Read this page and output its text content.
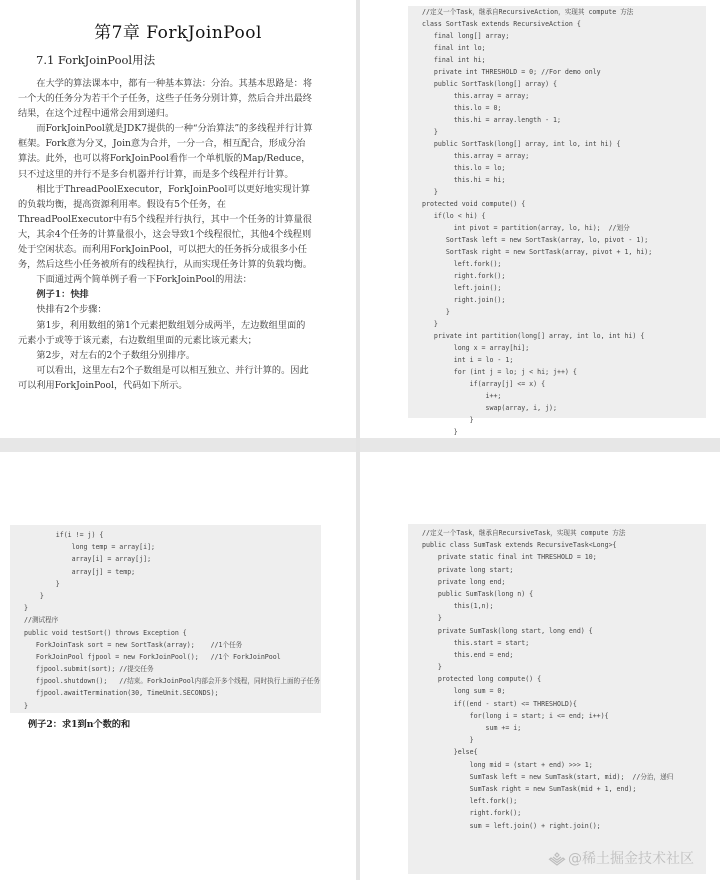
第7章 ForkJoinPool
7.1 ForkJoinPool用法

在大学的算法课本中，都有一种基本算法：分治。其基本思路是：将一个大的任务分为若干个子任务，这些子任务分别计算，然后合并出最终结果，在这个过程中通常会用到递归。

而ForkJoinPool就是JDK7提供的一种“分治算法”的多线程并行计算框架。Fork意为分叉，Join意为合并，一分一合，相互配合，形成分治算法。此外，也可以将ForkJoinPool看作一个单机版的Map/Reduce，只不过这里的并行不是多台机器并行计算，而是多个线程并行计算。

相比于ThreadPoolExecutor，ForkJoinPool可以更好地实现计算的负载均衡，提高资源利用率。假设有5个任务，在ThreadPoolExecutor中有5个线程并行执行，其中一个任务的计算量很大，其余4个任务的计算量很小，这会导致1个线程很忙，其他4个线程则处于空闲状态。而利用ForkJoinPool，可以把大的任务拆分成很多小任务，然后这些小任务被所有的线程执行，从而实现任务计算的负载均衡。

下面通过两个简单例子看一下ForkJoinPool的用法：

例子1：快排

快排有2个步骤：

第1步，利用数组的第1个元素把数组划分成两半，左边数组里面的元素小于或等于该元素，右边数组里面的元素比该元素大；

第2步，对左右的2个子数组分别排序。

可以看出，这里左右2个子数组是可以相互独立、并行计算的。因此可以利用ForkJoinPool，代码如下所示。

//定义一个Task，继承自RecursiveAction，实现其 compute 方法
class SortTask extends RecursiveAction {
final long[] array;
final int lo;
final int hi;
private int THRESHOLD = 0; //For demo only
public SortTask(long[] array) {
this.array = array;
this.lo = 0;
this.hi = array.length - 1;
}
public SortTask(long[] array, int lo, int hi) {
this.array = array;
this.lo = lo;
this.hi = hi;
}
protected void compute() {
if(lo < hi) {
int pivot = partition(array, lo, hi);  //划分
SortTask left = new SortTask(array, lo, pivot - 1);
SortTask right = new SortTask(array, pivot + 1, hi);
left.fork();
right.fork();
left.join();
right.join();
}
}
private int partition(long[] array, int lo, int hi) {
long x = array[hi];
int i = lo - 1;
for (int j = lo; j < hi; j++) {
if(array[j] <= x) {
i++;
swap(array, i, j);
}
}
if(i != j) {
long temp = array[i];
array[i] = array[j];
array[j] = temp;
}
}
}
//测试程序
public void testSort() throws Exception {
ForkJoinTask sort = new SortTask(array);    //1个任务
ForkJoinPool fjpool = new ForkJoinPool();   //1个 ForkJoinPool
fjpool.submit(sort); //提交任务
fjpool.shutdown();   //结束。ForkJoinPool内部会开多个线程，同时执行上面的子任务
fjpool.awaitTermination(30, TimeUnit.SECONDS);
}
例子2：求1到n个数的和
//定义一个Task，继承自RecursiveTask，实现其 compute 方法
public class SumTask extends RecursiveTask<Long>{
private static final int THRESHOLD = 10;
private long start;
private long end;
public SumTask(long n) {
this(1,n);
}
private SumTask(long start, long end) {
this.start = start;
this.end = end;
}
protected long compute() {
long sum = 0;
if((end - start) <= THRESHOLD){
for(long i = start; i <= end; i++){
sum += i;
}
}else{
long mid = (start + end) >>> 1;
SumTask left = new SumTask(start, mid);  //分治，递归
SumTask right = new SumTask(mid + 1, end);
left.fork();
right.fork();
sum = left.join() + right.join();
@稀土掘金技术社区
